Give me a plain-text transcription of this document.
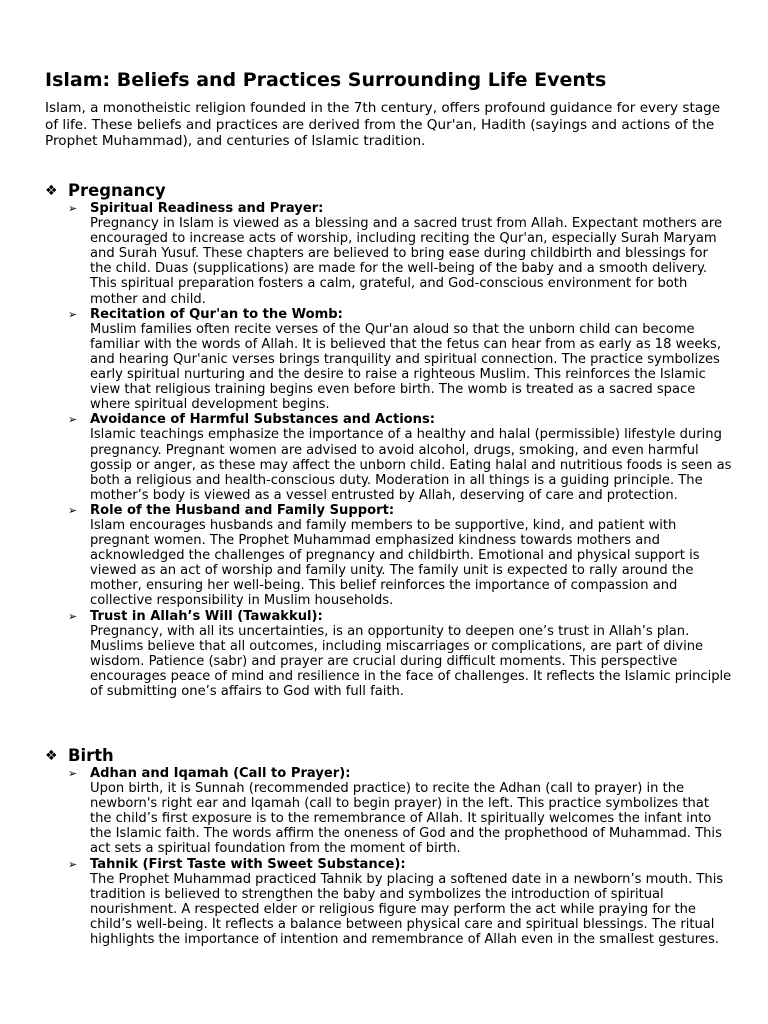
Islam: Beliefs and Practices Surrounding Life Events
Islam, a monotheistic religion founded in the 7th century, offers profound guidance for every stage of life. These beliefs and practices are derived from the Qur'an, Hadith (sayings and actions of the Prophet Muhammad), and centuries of Islamic tradition.
❖ Pregnancy
➢ Spiritual Readiness and Prayer:
Pregnancy in Islam is viewed as a blessing and a sacred trust from Allah. Expectant mothers are encouraged to increase acts of worship, including reciting the Qur'an, especially Surah Maryam and Surah Yusuf. These chapters are believed to bring ease during childbirth and blessings for the child. Duas (supplications) are made for the well-being of the baby and a smooth delivery. This spiritual preparation fosters a calm, grateful, and God-conscious environment for both mother and child.
➢ Recitation of Qur'an to the Womb:
Muslim families often recite verses of the Qur'an aloud so that the unborn child can become familiar with the words of Allah. It is believed that the fetus can hear from as early as 18 weeks, and hearing Qur'anic verses brings tranquility and spiritual connection. The practice symbolizes early spiritual nurturing and the desire to raise a righteous Muslim. This reinforces the Islamic view that religious training begins even before birth. The womb is treated as a sacred space where spiritual development begins.
➢ Avoidance of Harmful Substances and Actions:
Islamic teachings emphasize the importance of a healthy and halal (permissible) lifestyle during pregnancy. Pregnant women are advised to avoid alcohol, drugs, smoking, and even harmful gossip or anger, as these may affect the unborn child. Eating halal and nutritious foods is seen as both a religious and health-conscious duty. Moderation in all things is a guiding principle. The mother’s body is viewed as a vessel entrusted by Allah, deserving of care and protection.
➢ Role of the Husband and Family Support:
Islam encourages husbands and family members to be supportive, kind, and patient with pregnant women. The Prophet Muhammad emphasized kindness towards mothers and acknowledged the challenges of pregnancy and childbirth. Emotional and physical support is viewed as an act of worship and family unity. The family unit is expected to rally around the mother, ensuring her well-being. This belief reinforces the importance of compassion and collective responsibility in Muslim households.
➢ Trust in Allah’s Will (Tawakkul):
Pregnancy, with all its uncertainties, is an opportunity to deepen one’s trust in Allah’s plan. Muslims believe that all outcomes, including miscarriages or complications, are part of divine wisdom. Patience (sabr) and prayer are crucial during difficult moments. This perspective encourages peace of mind and resilience in the face of challenges. It reflects the Islamic principle of submitting one’s affairs to God with full faith.
❖ Birth
➢ Adhan and Iqamah (Call to Prayer):
Upon birth, it is Sunnah (recommended practice) to recite the Adhan (call to prayer) in the newborn's right ear and Iqamah (call to begin prayer) in the left. This practice symbolizes that the child’s first exposure is to the remembrance of Allah. It spiritually welcomes the infant into the Islamic faith. The words affirm the oneness of God and the prophethood of Muhammad. This act sets a spiritual foundation from the moment of birth.
➢ Tahnik (First Taste with Sweet Substance):
The Prophet Muhammad practiced Tahnik by placing a softened date in a newborn’s mouth. This tradition is believed to strengthen the baby and symbolizes the introduction of spiritual nourishment. A respected elder or religious figure may perform the act while praying for the child’s well-being. It reflects a balance between physical care and spiritual blessings. The ritual highlights the importance of intention and remembrance of Allah even in the smallest gestures.
